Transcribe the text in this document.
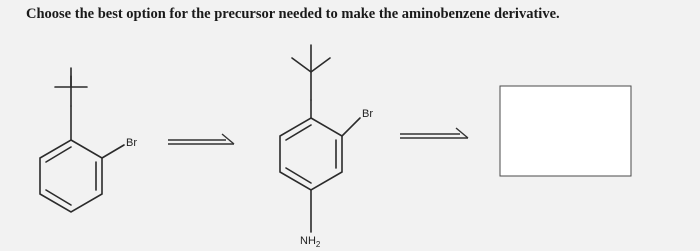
Choose the best option for the precursor needed to make the aminobenzene derivative.
Br
Br
$NH_2$
